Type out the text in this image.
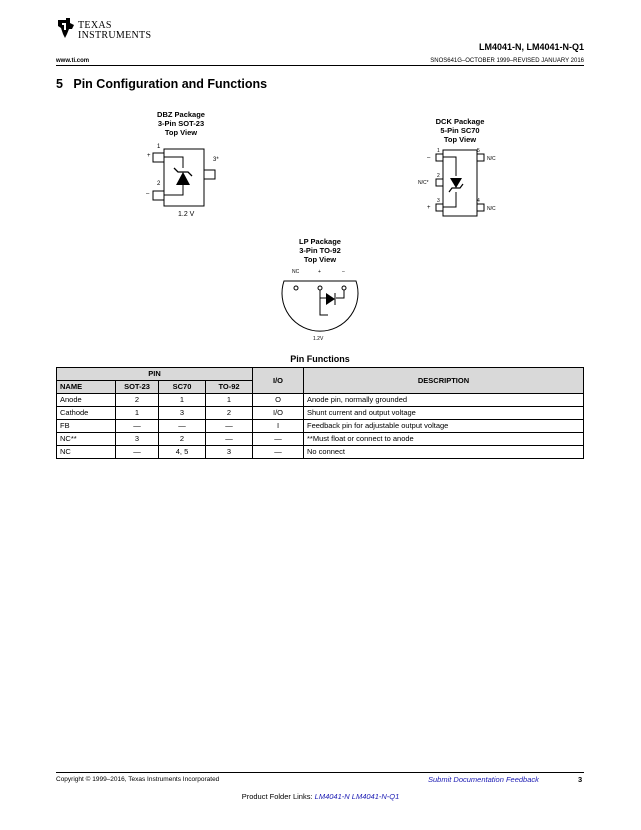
TEXAS
INSTRUMENTS
LM4041-N, LM4041-N-Q1
www.ti.com	SNOS641G–OCTOBER 1999–REVISED JANUARY 2016
5 Pin Configuration and Functions
DBZ Package
3-Pin SOT-23
Top View
1
+
2
–
3*
1.2 V
DCK Package
5-Pin SC70
Top View
1
2
3	4
5
–
N/C*
+
N/C
N/C
LP Package
3-Pin TO-92
Top View
NC	+	–
1.2V
Pin Functions
PIN				I/O	DESCRIPTION
NAME	SOT-23	SC70	TO-92		
Anode	2	1	1	O	Anode pin, normally grounded
Cathode	1	3	2	I/O	Shunt current and output voltage
FB	—	—	—	I	Feedback pin for adjustable output voltage
NC**	3	2	—	—	**Must float or connect to anode
NC	—	4, 5	3	—	No connect
Copyright © 1999–2016, Texas Instruments Incorporated	Submit Documentation Feedback	3
Product Folder Links: LM4041-N LM4041-N-Q1
